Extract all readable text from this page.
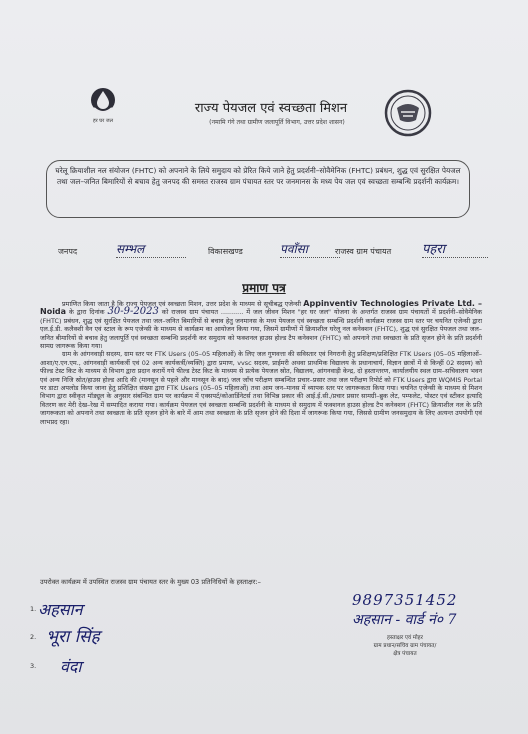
हर घर जल
राज्य पेयजल एवं स्वच्छता मिशन
(नमामि गंगे तथा ग्रामीण जलापूर्ति विभाग, उत्तर प्रदेश शासन)
घरेलू क्रियाशील नल संयोजन (FHTC) को अपनाने के लिये समुदाय को प्रेरित किये जाने हेतु प्रदर्शनी–सोवैमेनिक (FHTC) प्रबंधन, शुद्ध एवं सुरक्षित पेयजल तथा जल–जनित बिमारियों से बचाव हेतु जनपद की समस्त राजस्व ग्राम पंचायत स्तर पर जनमानस के मध्य पेय जल एवं स्वच्छता सम्बन्धि प्रदर्शनी कार्यक्रम।
जनपद	सम्भल	विकासखण्ड	पवाँसा	राजस्व ग्राम पंचायत पहरा
प्रमाण पत्र

प्रमाणित किया जाता है कि राज्य पेयजल एवं स्वच्छता मिशन, उत्तर प्रदेश के माध्यम से सूचीबद्ध एजेन्सी Appinventiv Technologies Private Ltd. – Noida के द्वारा दिनांक 30-9-2023 को राजस्व ग्राम पंचायत ........... में जल जीवन मिशन "हर घर जल" योजना के अन्तर्गत राजस्व ग्राम पंचायतों में प्रदर्शनी–सोवैमेनिक (FHTC) प्रबंधन, शुद्ध एवं सुरक्षित पेयजल तथा जल–जनित बिमारियों से बचाव हेतु जनमानस के मध्य पेयजल एवं स्वच्छता सम्बन्धि प्रदर्शनी कार्यक्रम राजस्व ग्राम स्तर पर चयनित एजेन्सी द्वारा एल.ई.डी. कलैक्शी वैन एवं स्टाल के रूप एजेन्सी के माध्यम से कार्यक्रम का आयोजन किया गया, जिसमें ग्रामीणों में क्रियाशील घरेलू नल कनेक्शन (FHTC), शुद्ध एवं सुरक्षित पेयजल तथा जल–जनित बीमारियों से बचाव हेतु जलापूर्ति एवं स्वच्छता सम्बन्धि प्रदर्शनी कर समुदाय को फक्शनल हाउस होल्ड टैप कनेक्शन (FHTC) को अपनाने तथा स्वच्छता के प्रति सृजन होने के प्रति प्रदर्शनी सामग्र जागरूक किया गया।

ग्राम के आंगनवाड़ी सदस्य, ग्राम स्तर पर FTK Users (05–05 महिलाओं) के लिए जल गुणवत्ता की सविस्तार एवं निगरानी हेतु प्रशिक्षण/प्रशिक्षित FTK Users (05–05 महिलाओं–आशा/ए.एन.एम., आंगनवाड़ी कार्यकर्त्री एवं 02 अन्य कार्यकर्त्री/व्यक्ति) द्वारा प्रमाण, vvsc सदस्य, प्राईमरी अथवा प्राथमिक विद्यालय के प्रधानाचार्य, विज्ञान छात्रों में से किन्हीं 02 सदस्य) को फील्ड टेस्ट किट के माध्यम से विभाग द्वारा प्रदान करायें गये फील्ड टेस्ट किट के माध्यम से प्रत्येक पेयजल स्रोत, विद्यालय, आंगनवाड़ी केन्द्र, दो हस्तान्तरण, कार्यालयीय स्थल ग्राम–सचिवालय भवन एवं अन्य निजि स्रोत/हाउस होल्ड आदि की (मानसून से पहले और मानसून के बाद) जल जाँच परीक्षण सम्बन्धित प्रचार–प्रसार तथा जल परीक्षण रिपोर्ट को FTK Users द्वारा WQMIS Portal पर डाटा अपलोड किया जाना हेतु प्रशिक्षित संख्या द्वारा FTK Users (05–05 महिलाओं) तथा आम जन–मानस में व्यापक स्तर पर जागरूकता किया गया। चयनित एजेन्सी के माध्यम से मिशन विभाग द्वारा स्वीकृत मॉड्यूल के अनुसार संबन्धित ग्राम पर कार्यक्रम में एक्सपर्ट/कोआर्डिनेटर्स तथा विभिन्न प्रकार की आई.ई.सी./प्रचार प्रसार सामग्री–ब्रुक लेट, पम्फलेट, पोस्टर एवं स्टीकर इत्यादि वितरण कर मेरी देख–रेख में सम्पादित कराया गया। कार्यक्रम पेयजल एवं स्वच्छता सम्बन्धि प्रदर्शनी के माध्यम से समुदाय में फक्शनल हाउस होल्ड टैप कनेक्शन (FHTC) क्रियाशील नल के प्रति जागरूकता को अपनाने तथा स्वच्छता के प्रति सृजन होने के बारे में आम तथा स्वच्छता के प्रति सृजन होने की दिशा में जागरूक किया गया, जिससे ग्रामीण जनसमुदाय के लिए अत्यन्त उपयोगी एवं लाभप्रद रहा।

उपरोक्त कार्यक्रम में उपस्थित राजस्व ग्राम पंचायत स्तर के मुख्य 03 प्रतिनिधियों के हस्ताक्षर:–
1. अहसान
2. भूरा सिंह
3. वंदा
9897351452
अहसान - वार्ड नं० 7
हस्ताक्षर एवं मोहर
ग्राम प्रधान/सचिव ग्राम पंचायत/
क्षेत्र पंचायत
